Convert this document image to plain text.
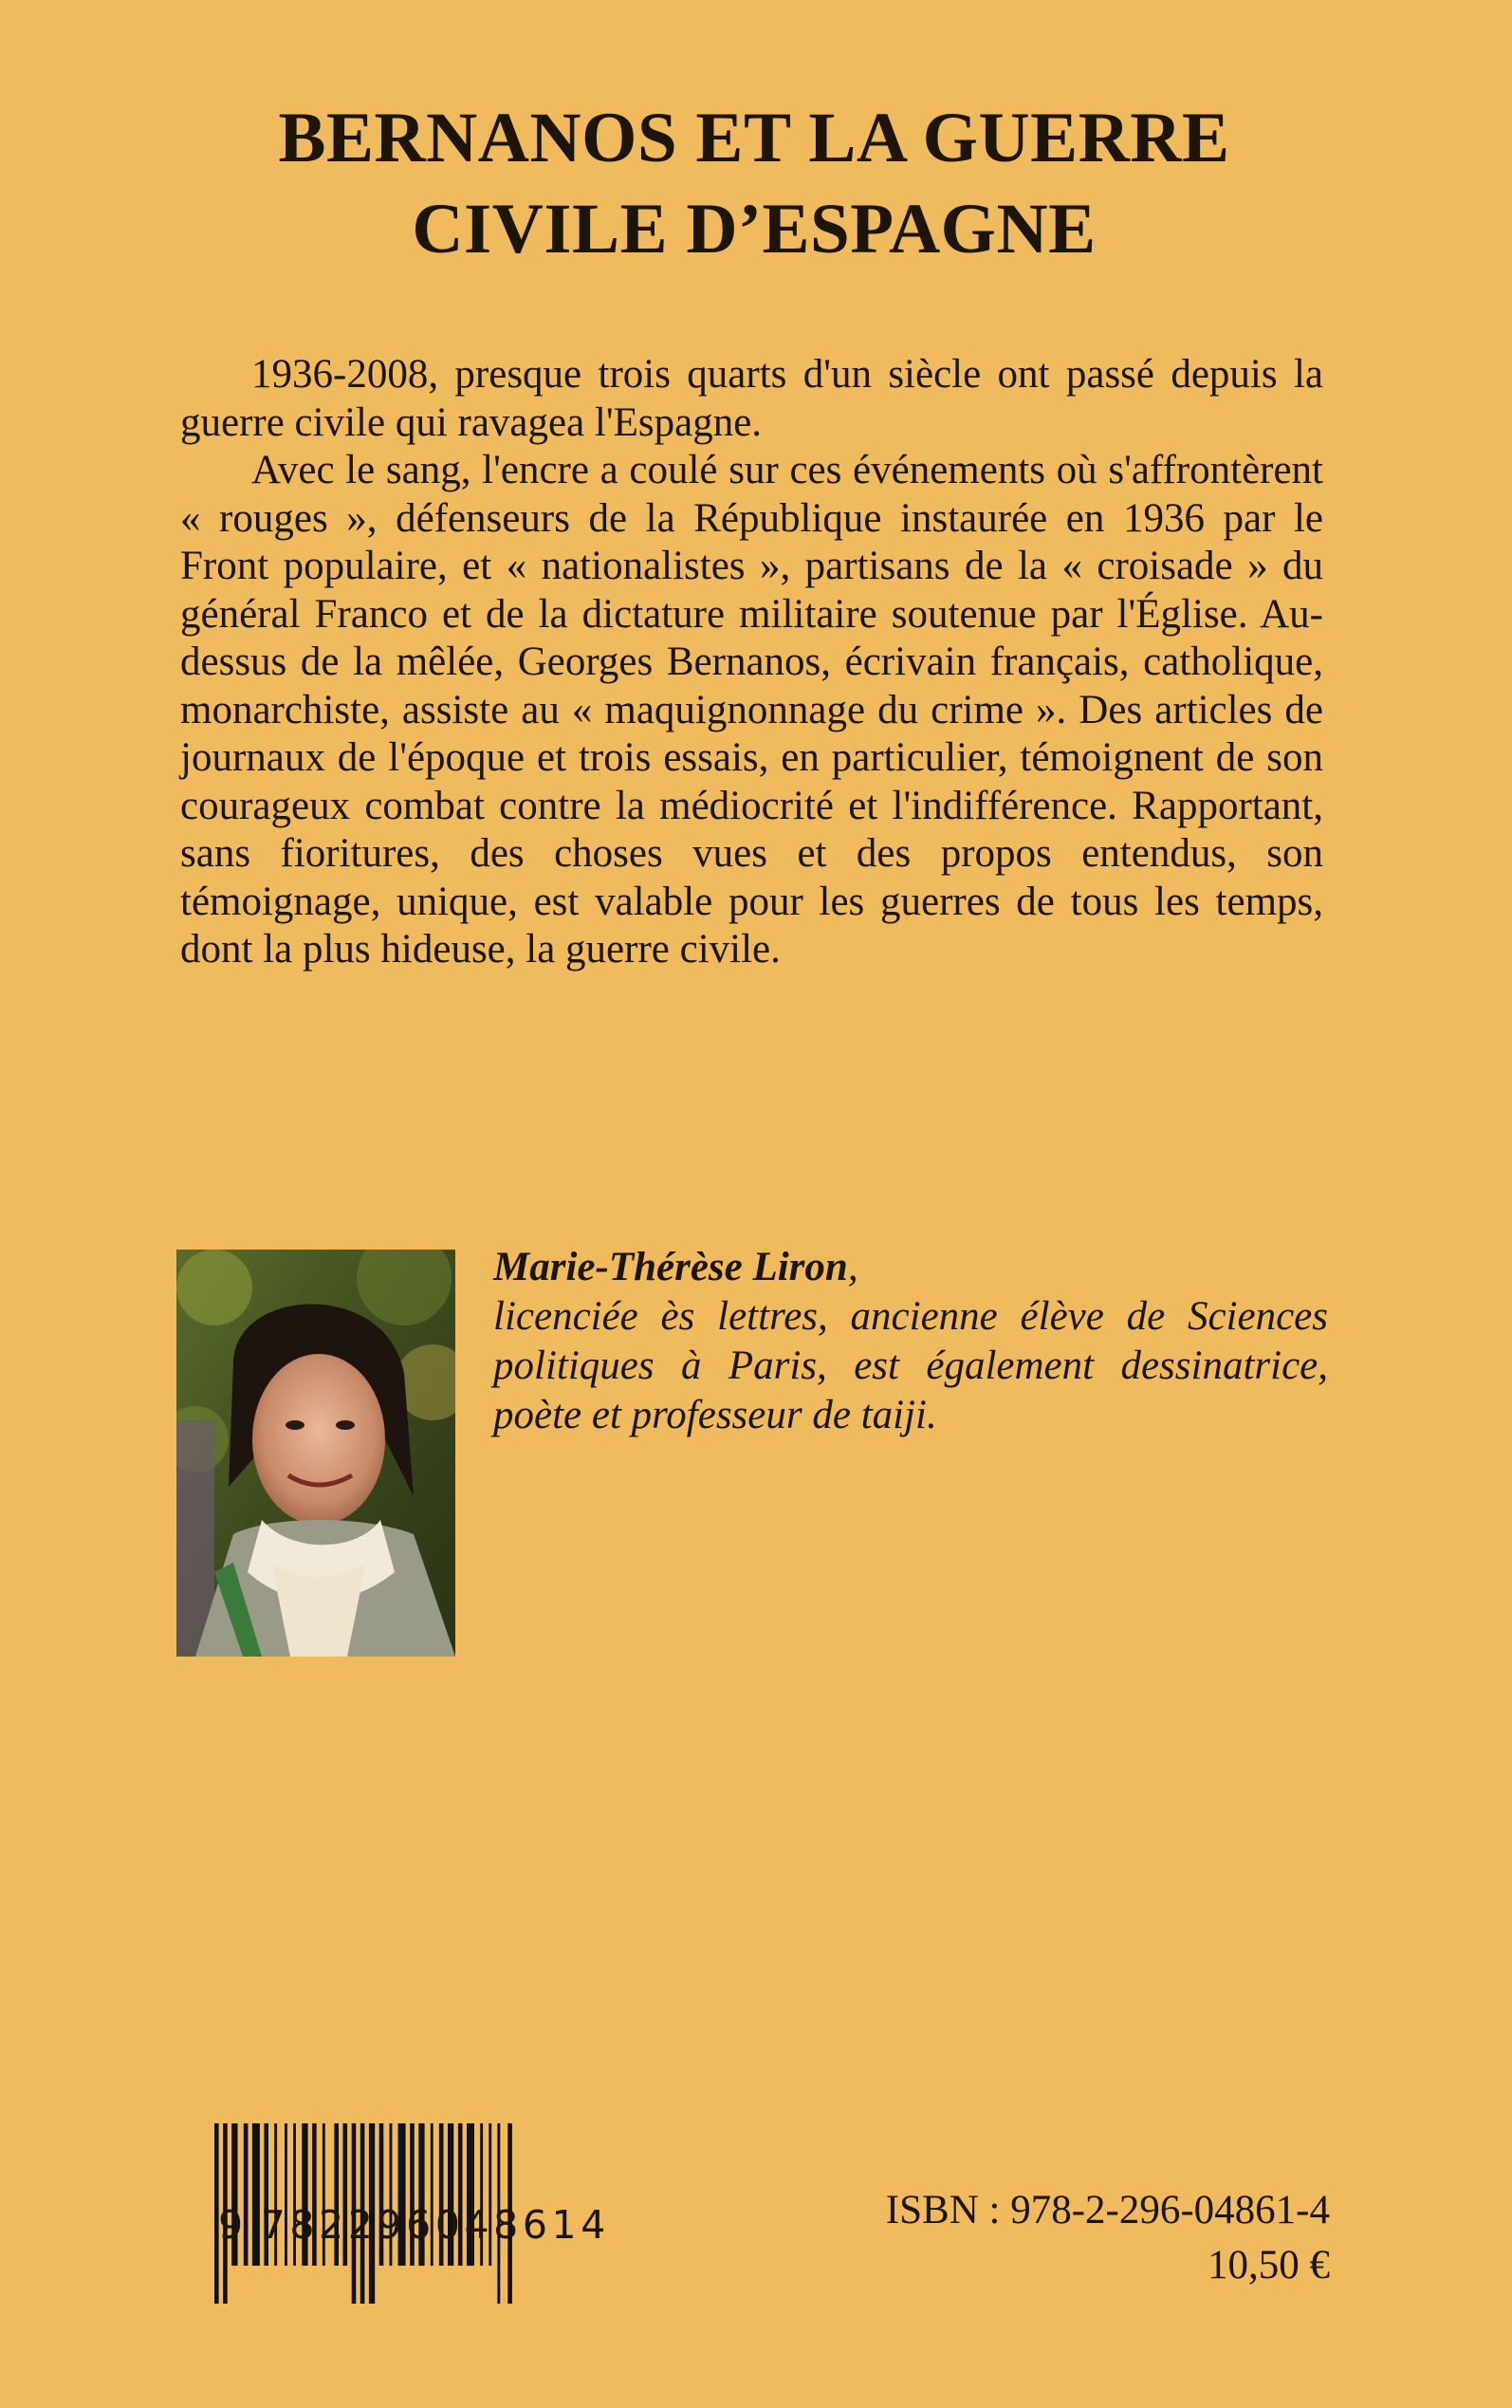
BERNANOS ET LA GUERRE
CIVILE D’ESPAGNE

1936-2008, presque trois quarts d'un siècle ont passé depuis la guerre civile qui ravagea l'Espagne.

Avec le sang, l'encre a coulé sur ces événements où s'affrontèrent « rouges », défenseurs de la République instaurée en 1936 par le Front populaire, et « nationalistes », partisans de la « croisade » du général Franco et de la dictature militaire soutenue par l'Église. Au-dessus de la mêlée, Georges Bernanos, écrivain français, catholique, monarchiste, assiste au « maquignonnage du crime ». Des articles de journaux de l'époque et trois essais, en particulier, témoignent de son courageux combat contre la médiocrité et l'indifférence. Rapportant, sans fioritures, des choses vues et des propos entendus, son témoignage, unique, est valable pour les guerres de tous les temps, dont la plus hideuse, la guerre civile.

Marie-Thérèse Liron,
licenciée ès lettres, ancienne élève de Sciences politiques à Paris, est également dessinatrice, poète et professeur de taiji.
9 782296048614	ISBN : 978-2-296-04861-4
10,50 €
